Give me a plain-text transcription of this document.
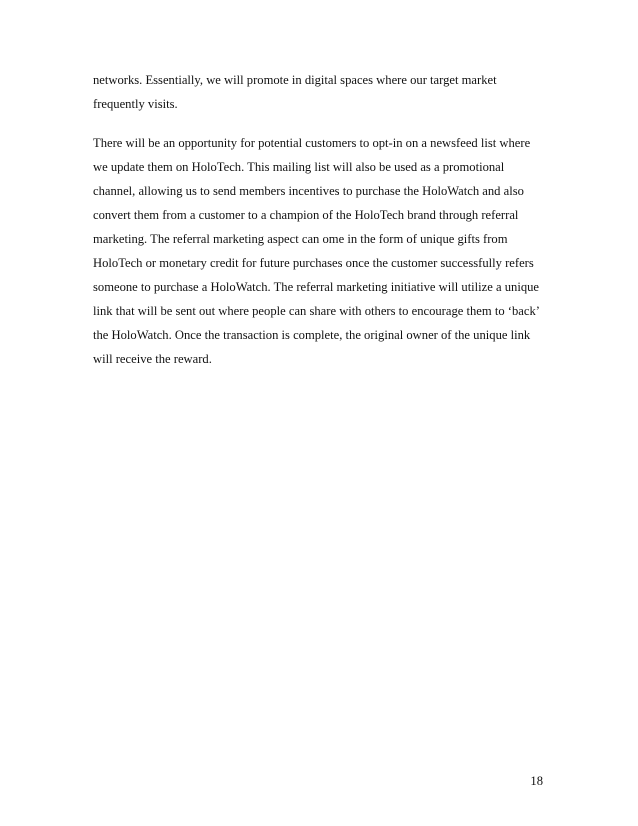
networks. Essentially, we will promote in digital spaces where our target market
frequently visits.
There will be an opportunity for potential customers to opt-in on a newsfeed list where
we update them on HoloTech. This mailing list will also be used as a promotional
channel, allowing us to send members incentives to purchase the HoloWatch and also
convert them from a customer to a champion of the HoloTech brand through referral
marketing. The referral marketing aspect can ome in the form of unique gifts from
HoloTech or monetary credit for future purchases once the customer successfully refers
someone to purchase a HoloWatch. The referral marketing initiative will utilize a unique
link that will be sent out where people can share with others to encourage them to ‘back’
the HoloWatch. Once the transaction is complete, the original owner of the unique link
will receive the reward.
18
